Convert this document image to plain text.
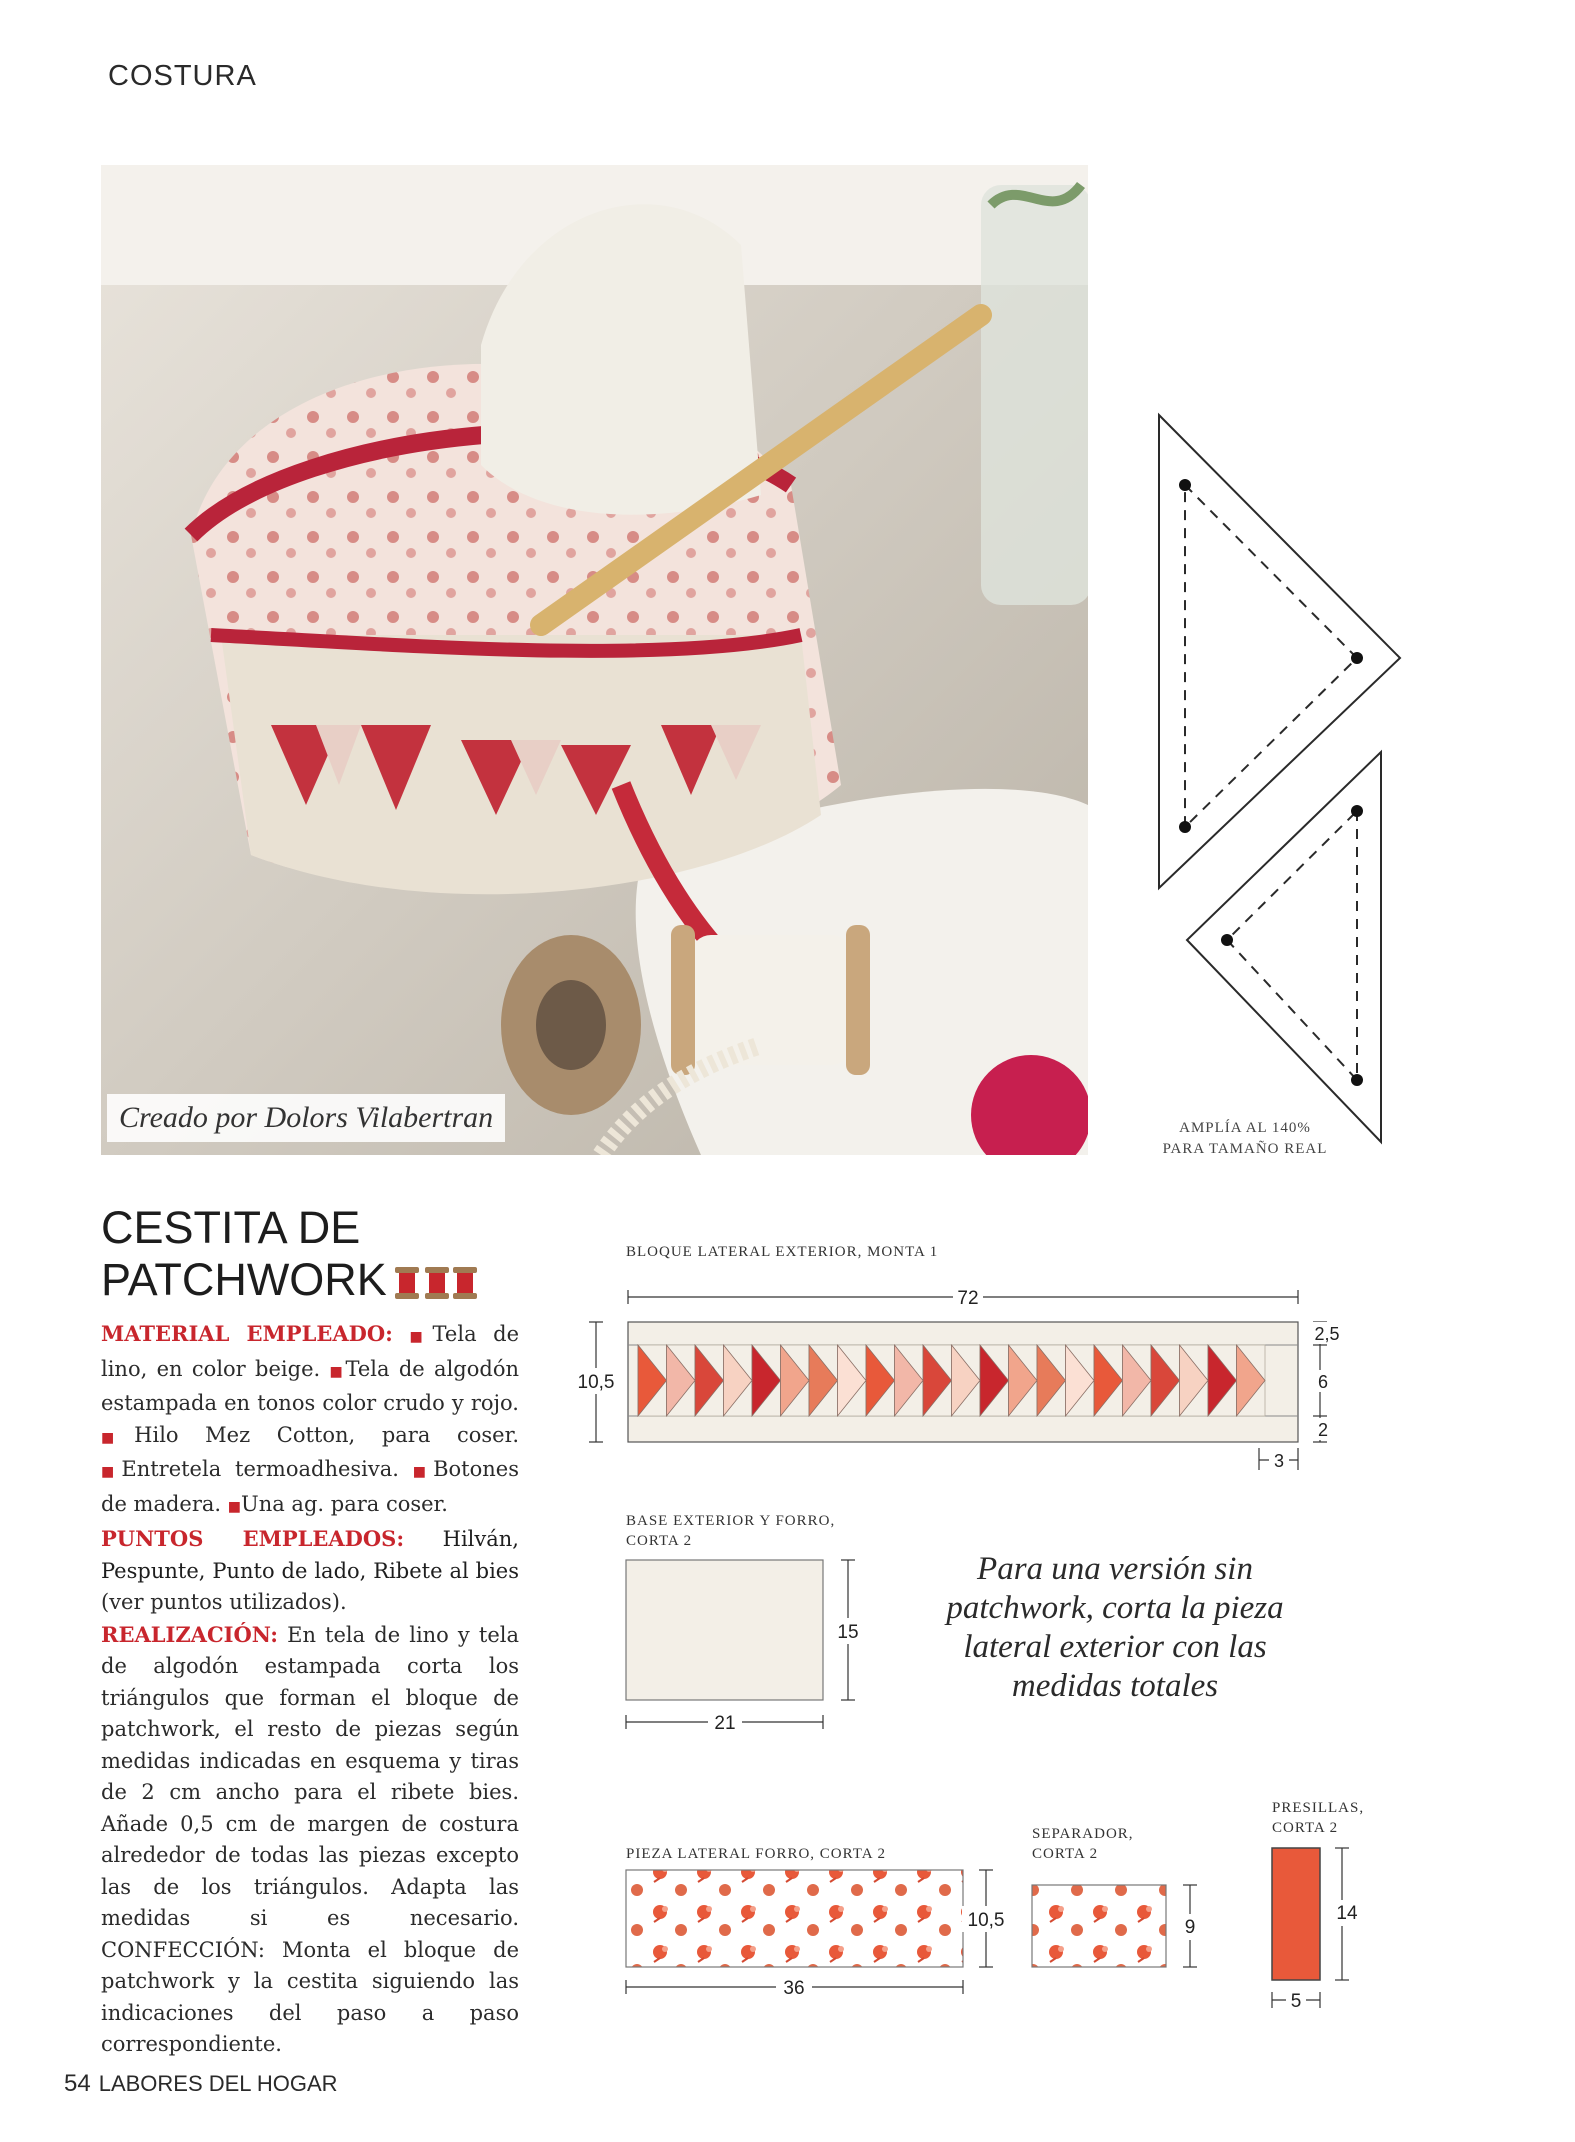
COSTURA
Creado por Dolors Vilabertran	AMPLÍA AL 140%
PARA TAMAÑO REAL
CESTITA DE
PATCHWORK
MATERIAL EMPLEADO: ■Tela de lino, en color beige. ■Tela de algodón estampada en tonos color crudo y rojo. ■Hilo Mez Cotton, para coser. ■Entretela termoadhesiva. ■Botones de madera. ■Una ag. para coser.
PUNTOS EMPLEADOS: Hilván, Pespunte, Punto de lado, Ribete al bies (ver puntos utilizados).
REALIZACIÓN: En tela de lino y tela de algodón estampada corta los triángulos que forman el bloque de patchwork, el resto de piezas según medidas indicadas en esquema y tiras de 2 cm ancho para el ribete bies. Añade 0,5 cm de margen de costura alrededor de todas las piezas excepto las de los triángulos. Adapta las medidas si es necesario. CONFECCIÓN: Monta el bloque de patchwork y la cestita siguiendo las indicaciones del paso a paso correspondiente.
BLOQUE LATERAL EXTERIOR, MONTA 1
72
10,5
2,5
6
2
3
BASE EXTERIOR Y FORRO,
CORTA 2
15
21
PIEZA LATERAL FORRO, CORTA 2
10,5
36
SEPARADOR,
CORTA 2
9
PRESILLAS,
CORTA 2
14
5
Para una versión sin patchwork, corta la pieza lateral exterior con las medidas totales
54 LABORES DEL HOGAR
